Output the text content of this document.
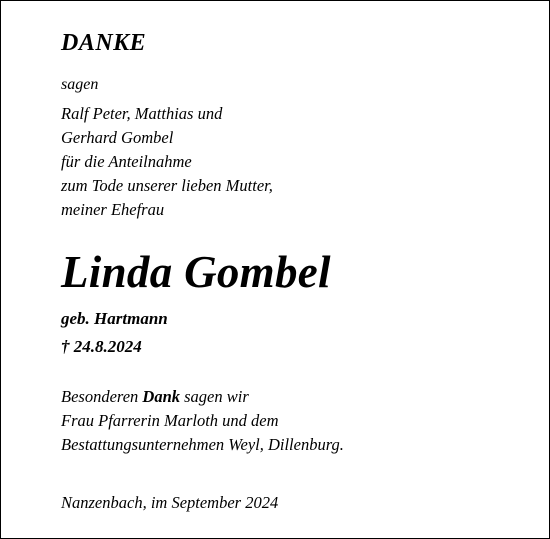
DANKE
sagen
Ralf Peter, Matthias und
Gerhard Gombel
für die Anteilnahme
zum Tode unserer lieben Mutter,
meiner Ehefrau
Linda Gombel
geb. Hartmann
† 24.8.2024
Besonderen Dank sagen wir
Frau Pfarrerin Marloth und dem
Bestattungsunternehmen Weyl, Dillenburg.
Nanzenbach, im September 2024
